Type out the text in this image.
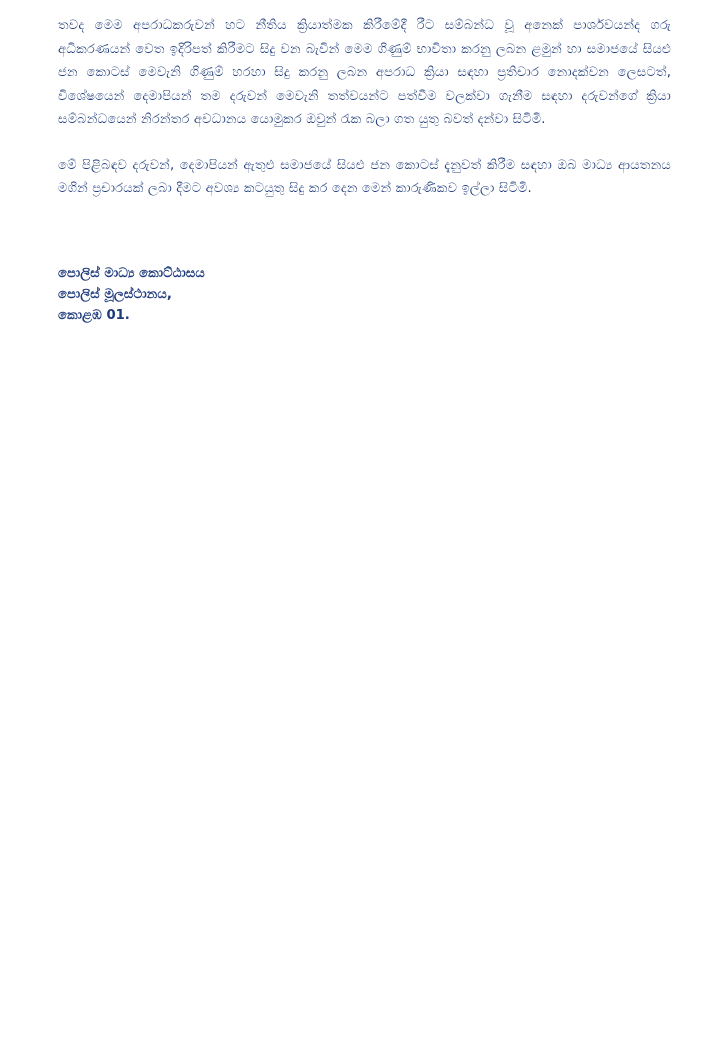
තවද මෙම අපරාධකරුවන් හට නීතිය ක්‍රියාත්මක කිරීමේදී රීට සම්බන්ධ වූ අනෙක් පාර්ශවයන්ද ගරු අධිකරණයන් වෙත ඉදිරිපත් කිරීමට සිදු වන බැවින් මෙම ගිණුම් භාවිතා කරනු ලබන ළමුන් හා සමාජයේ සියළු ජන කොටස් මෙවැනි ගිණුම් හරහා සිදු කරනු ලබන අපරාධ ක්‍රියා සඳහා ප්‍රතිචාර නොදක්වන ලෙසටත්, විශේෂයෙන් දෙමාපියන් තම දරුවන් මෙවැනි තත්වයන්ට පත්වීම වලක්වා ගැනීම සඳහා දරුවන්ගේ ක්‍රියා සම්බන්ධයෙන් නිරන්තර අවධානය යොමුකර ඔවුන් රැක බලා ගත යුතු බවත් දන්වා සිටිමි.

මේ පිළිබඳව දරුවන්, දෙමාපියන් ඇතුළු සමාජයේ සියළු ජන කොටස් දැනුවත් කිරීම සඳහා ඔබ මාධ්‍ය ආයතනය මගින් ප්‍රචාරයක් ලබා දීමට අවශ්‍ය කටයුතු සිදු කර දෙන මෙන් කාරුණිකව ඉල්ලා සිටිමි.

පොලිස් මාධ්‍ය කොට්ඨාසය
පොලිස් මූලස්ථානය,
කොළඹ 01.
